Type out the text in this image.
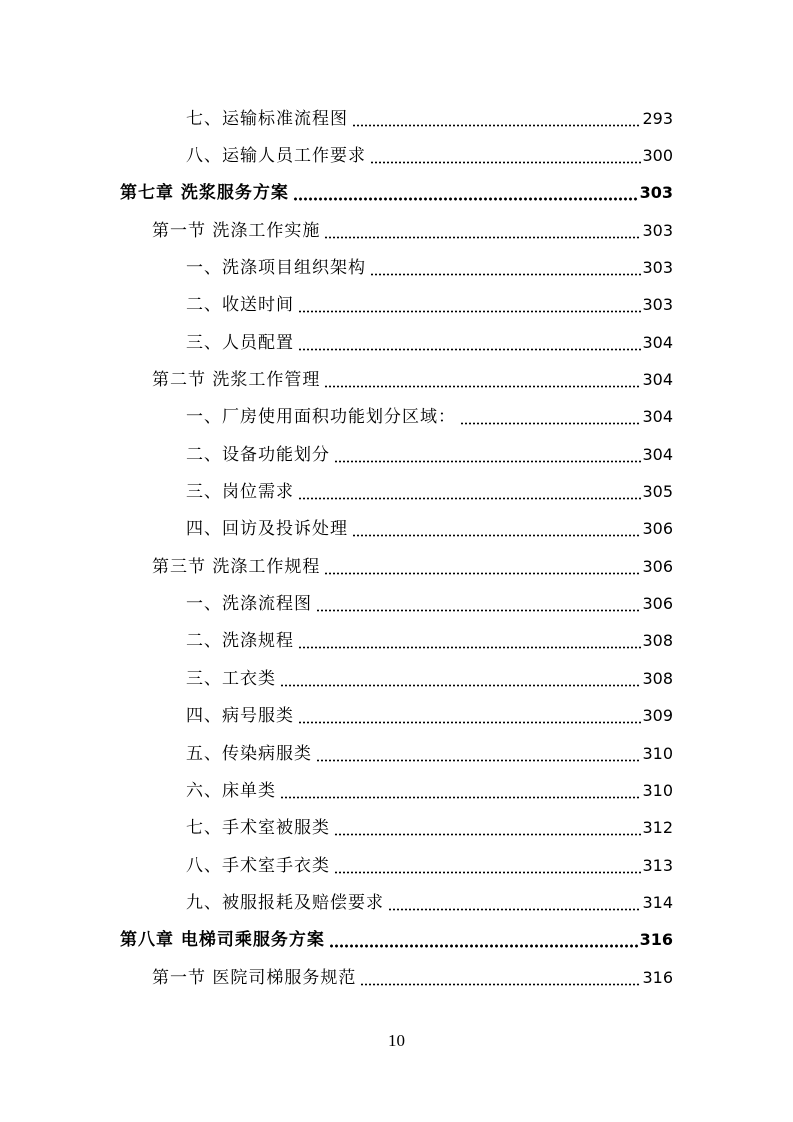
七、运输标准流程图	293
八、运输人员工作要求	300
第七章 洗浆服务方案	303
第一节 洗涤工作实施	303
一、洗涤项目组织架构	303
二、收送时间	303
三、人员配置	304
第二节 洗浆工作管理	304
一、厂房使用面积功能划分区域：	304
二、设备功能划分	304
三、岗位需求	305
四、回访及投诉处理	306
第三节 洗涤工作规程	306
一、洗涤流程图	306
二、洗涤规程	308
三、工衣类	308
四、病号服类	309
五、传染病服类	310
六、床单类	310
七、手术室被服类	312
八、手术室手衣类	313
九、被服报耗及赔偿要求	314
第八章 电梯司乘服务方案	316
第一节 医院司梯服务规范	316
10
